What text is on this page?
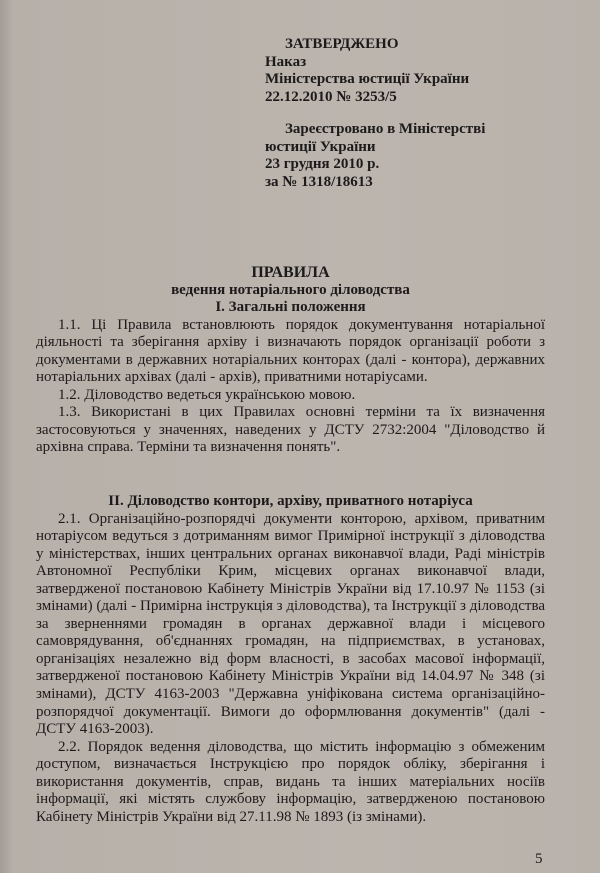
ЗАТВЕРДЖЕНО
Наказ
Міністерства юстиції України
22.12.2010 № 3253/5
Зареєстровано в Міністерстві
юстиції України
23 грудня 2010 р.
за № 1318/18613
ПРАВИЛА
ведення нотаріального діловодства
I. Загальні положення
1.1. Ці Правила встановлюють порядок документування нотаріальної
діяльності та зберігання архіву і визначають порядок організації роботи з
документами в державних нотаріальних конторах (далі - контора), державних
нотаріальних архівах (далі - архів), приватними нотаріусами.
1.2. Діловодство ведеться українською мовою.
1.3. Використані в цих Правилах основні терміни та їх визначення
застосовуються у значеннях, наведених у ДСТУ 2732:2004 "Діловодство й
архівна справа. Терміни та визначення понять".
II. Діловодство контори, архіву, приватного нотаріуса
2.1. Організаційно-розпорядчі документи конторою, архівом, приватним
нотаріусом ведуться з дотриманням вимог Примірної інструкції з діловодства
у міністерствах, інших центральних органах виконавчої влади, Раді міністрів
Автономної Республіки Крим, місцевих органах виконавчої влади,
затвердженої постановою Кабінету Міністрів України від 17.10.97 № 1153 (зі
змінами) (далі - Примірна інструкція з діловодства), та Інструкції з діловодства
за зверненнями громадян в органах державної влади і місцевого
самоврядування, об'єднаннях громадян, на підприємствах, в установах,
організаціях незалежно від форм власності, в засобах масової інформації,
затвердженої постановою Кабінету Міністрів України від 14.04.97 № 348 (зі
змінами), ДСТУ 4163-2003 "Державна уніфікована система організаційно-
розпорядчої документації. Вимоги до оформлювання документів" (далі -
ДСТУ 4163-2003).
2.2. Порядок ведення діловодства, що містить інформацію з обмеженим
доступом, визначається Інструкцією про порядок обліку, зберігання і
використання документів, справ, видань та інших матеріальних носіїв
інформації, які містять службову інформацію, затвердженою постановою
Кабінету Міністрів України від 27.11.98 № 1893 (із змінами).
5
